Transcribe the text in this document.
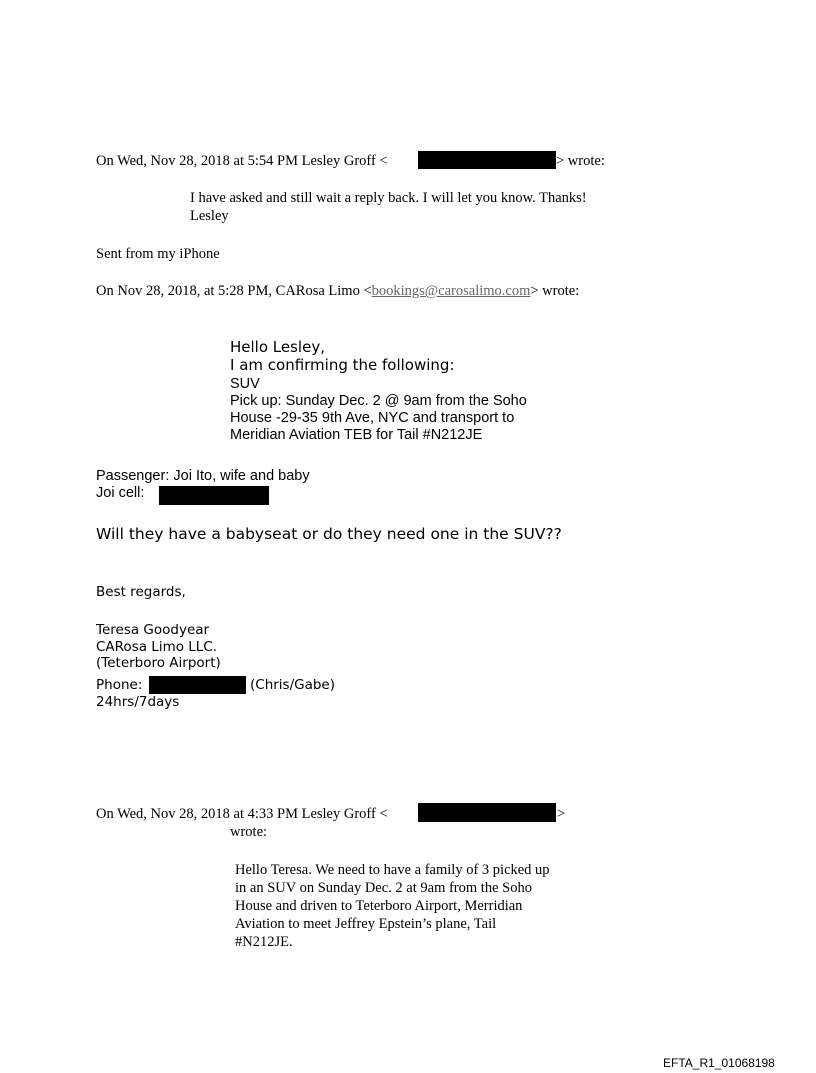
On Wed, Nov 28, 2018 at 5:54 PM Lesley Groff <	> wrote:
I have asked and still wait a reply back. I will let you know. Thanks!
Lesley
Sent from my iPhone
On Nov 28, 2018, at 5:28 PM, CARosa Limo <bookings@carosalimo.com> wrote:
Hello Lesley,
I am confirming the following:
SUV
Pick up: Sunday Dec. 2 @ 9am from the Soho
House -29-35 9th Ave, NYC and transport to
Meridian Aviation TEB for Tail #N212JE
Passenger: Joi Ito, wife and baby
Joi cell:
Will they have a babyseat or do they need one in the SUV??
Best regards,
Teresa Goodyear
CARosa Limo LLC.
(Teterboro Airport)
Phone:	(Chris/Gabe)
24hrs/7days
On Wed, Nov 28, 2018 at 4:33 PM Lesley Groff <	>
wrote:
Hello Teresa. We need to have a family of 3 picked up
in an SUV on Sunday Dec. 2 at 9am from the Soho
House and driven to Teterboro Airport, Merridian
Aviation to meet Jeffrey Epstein’s plane, Tail
#N212JE.
EFTA_R1_01068198
